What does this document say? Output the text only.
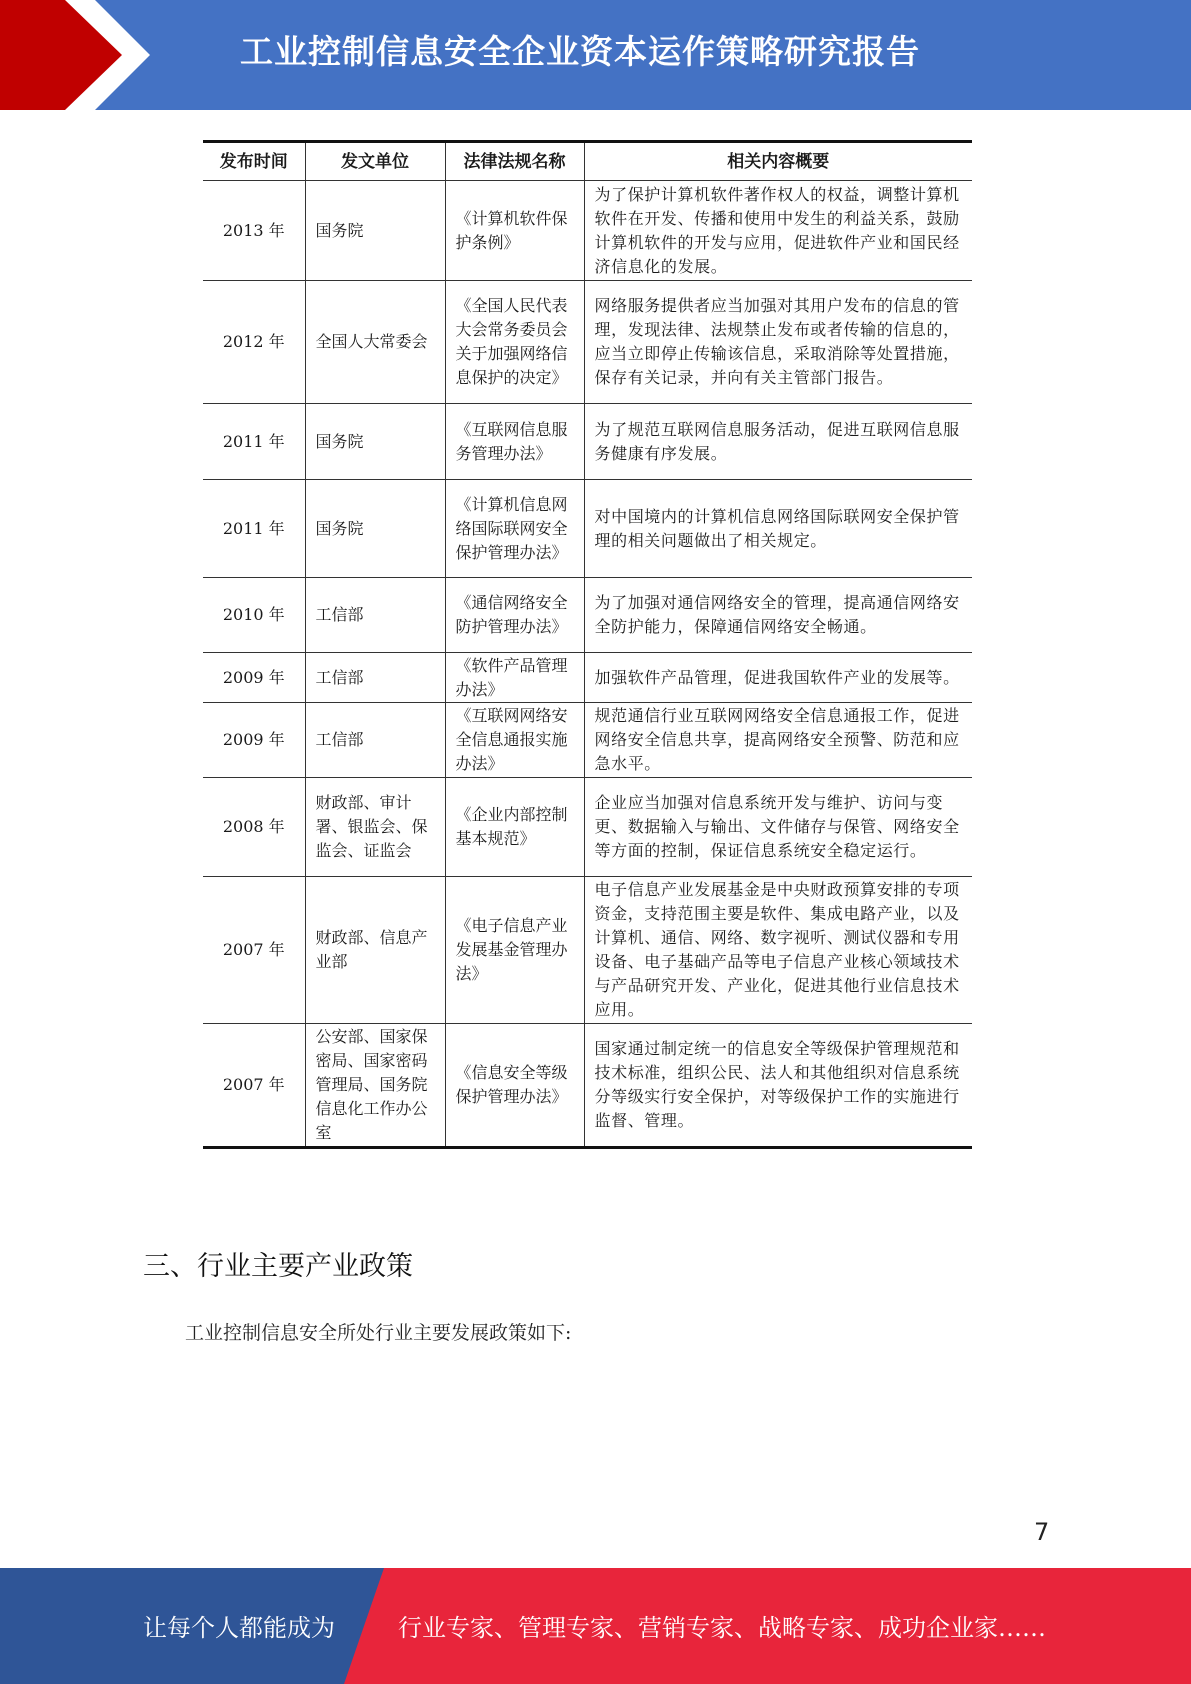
工业控制信息安全企业资本运作策略研究报告
发布时间	发文单位	法律法规名称	相关内容概要
2013 年	国务院	《计算机软件保护条例》	为了保护计算机软件著作权人的权益，调整计算机软件在开发、传播和使用中发生的利益关系，鼓励计算机软件的开发与应用，促进软件产业和国民经济信息化的发展。
2012 年	全国人大常委会	《全国人民代表大会常务委员会关于加强网络信息保护的决定》	网络服务提供者应当加强对其用户发布的信息的管理，发现法律、法规禁止发布或者传输的信息的，应当立即停止传输该信息，采取消除等处置措施，保存有关记录，并向有关主管部门报告。
2011 年	国务院	《互联网信息服务管理办法》	为了规范互联网信息服务活动，促进互联网信息服务健康有序发展。
2011 年	国务院	《计算机信息网络国际联网安全保护管理办法》	对中国境内的计算机信息网络国际联网安全保护管理的相关问题做出了相关规定。
2010 年	工信部	《通信网络安全防护管理办法》	为了加强对通信网络安全的管理，提高通信网络安全防护能力，保障通信网络安全畅通。
2009 年	工信部	《软件产品管理办法》	加强软件产品管理，促进我国软件产业的发展等。
2009 年	工信部	《互联网网络安全信息通报实施办法》	规范通信行业互联网网络安全信息通报工作，促进网络安全信息共享，提高网络安全预警、防范和应急水平。
2008 年	财政部、审计署、银监会、保监会、证监会	《企业内部控制基本规范》	企业应当加强对信息系统开发与维护、访问与变更、数据输入与输出、文件储存与保管、网络安全等方面的控制，保证信息系统安全稳定运行。
2007 年	财政部、信息产业部	《电子信息产业发展基金管理办法》	电子信息产业发展基金是中央财政预算安排的专项资金，支持范围主要是软件、集成电路产业，以及计算机、通信、网络、数字视听、测试仪器和专用设备、电子基础产品等电子信息产业核心领域技术与产品研究开发、产业化，促进其他行业信息技术应用。
2007 年	公安部、国家保密局、国家密码管理局、国务院信息化工作办公室	《信息安全等级保护管理办法》	国家通过制定统一的信息安全等级保护管理规范和技术标准，组织公民、法人和其他组织对信息系统分等级实行安全保护，对等级保护工作的实施进行监督、管理。
三、行业主要产业政策
工业控制信息安全所处行业主要发展政策如下:
7
让每个人都能成为	行业专家、管理专家、营销专家、战略专家、成功企业家……
